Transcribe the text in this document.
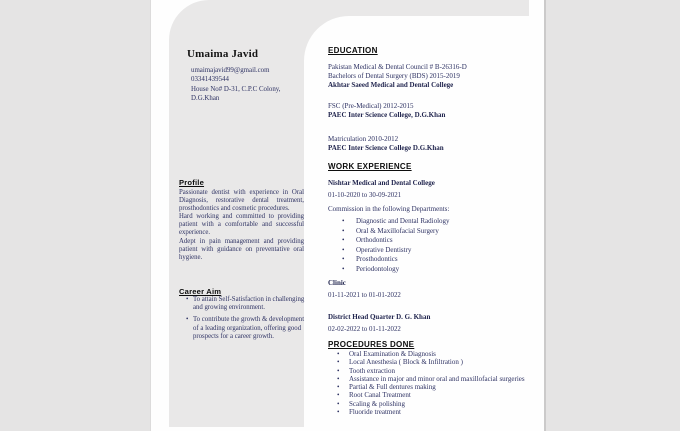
Umaima Javid
umaimajavid99@gmail.com
03341439544
House No# D-31, C.P.C Colony,
D.G.Khan
Profile
Passionate dentist with experience in Oral Diagnosis, restorative dental treatment, prosthodontics and cosmetic procedures.
Hard working and committed to providing patient with a comfortable and successful experience.
Adept in pain management and providing patient with guidance on preventative oral hygiene.
Career Aim
• To attain Self-Satisfaction in challenging and growing environment.
• To contribute the growth & development of a leading organization, offering good prospects for a career growth.
EDUCATION
Pakistan Medical & Dental Council # B-26316-D
Bachelors of Dental Surgery (BDS) 2015-2019
Akhtar Saeed Medical and Dental College
FSC (Pre-Medical) 2012-2015
PAEC Inter Science College, D.G.Khan
Matriculation 2010-2012
PAEC Inter Science College D.G.Khan
WORK EXPERIENCE
Nishtar Medical and Dental College
01-10-2020 to 30-09-2021
Commission in the following Departments:
• Diagnostic and Dental Radiology
• Oral & Maxillofacial Surgery
• Orthodontics
• Operative Dentistry
• Prosthodontics
• Periodontology
Clinic
01-11-2021 to 01-01-2022
District Head Quarter D. G. Khan
02-02-2022 to 01-11-2022
PROCEDURES DONE
• Oral Examination & Diagnosis
• Local Anesthesia ( Block & Infiltration )
• Tooth extraction
• Assistance in major and minor oral and maxillofacial surgeries
• Partial & Full dentures making
• Root Canal Treatment
• Scaling & polishing
• Fluoride treatment
